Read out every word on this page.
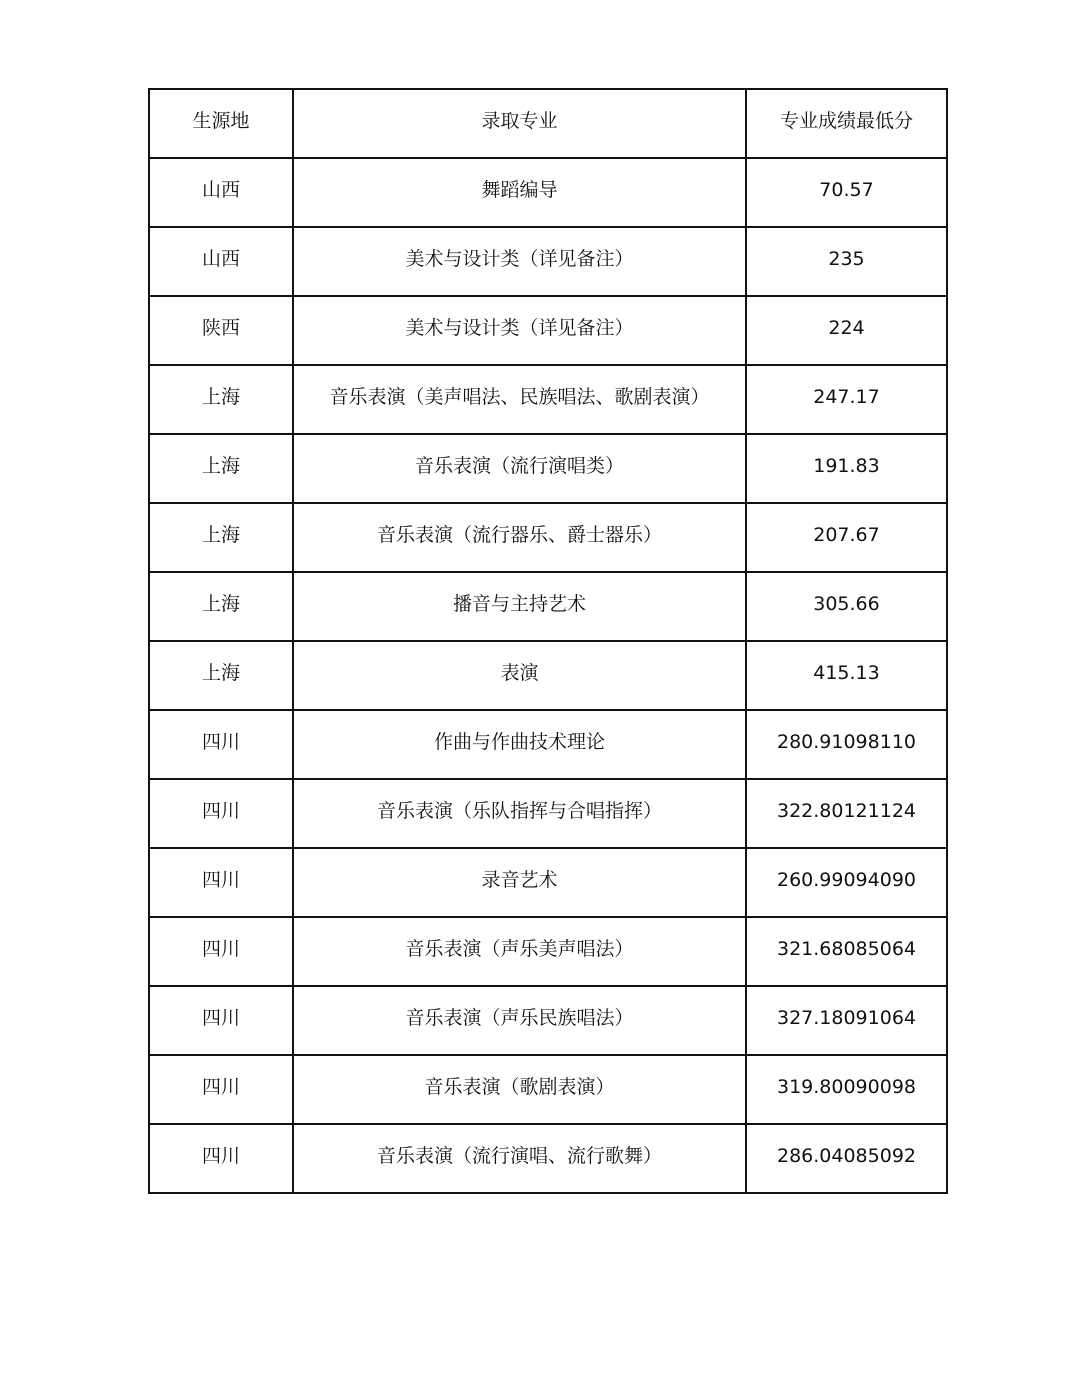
生源地	录取专业	专业成绩最低分

山西	舞蹈编导	70.57

山西	美术与设计类（详见备注）	235

陕西	美术与设计类（详见备注）	224

上海	音乐表演（美声唱法、民族唱法、歌剧表演）	247.17

上海	音乐表演（流行演唱类）	191.83

上海	音乐表演（流行器乐、爵士器乐）	207.67

上海	播音与主持艺术	305.66

上海	表演	415.13

四川	作曲与作曲技术理论	280.91098110

四川	音乐表演（乐队指挥与合唱指挥）	322.80121124

四川	录音艺术	260.99094090

四川	音乐表演（声乐美声唱法）	321.68085064

四川	音乐表演（声乐民族唱法）	327.18091064

四川	音乐表演（歌剧表演）	319.80090098

四川	音乐表演（流行演唱、流行歌舞）	286.04085092
